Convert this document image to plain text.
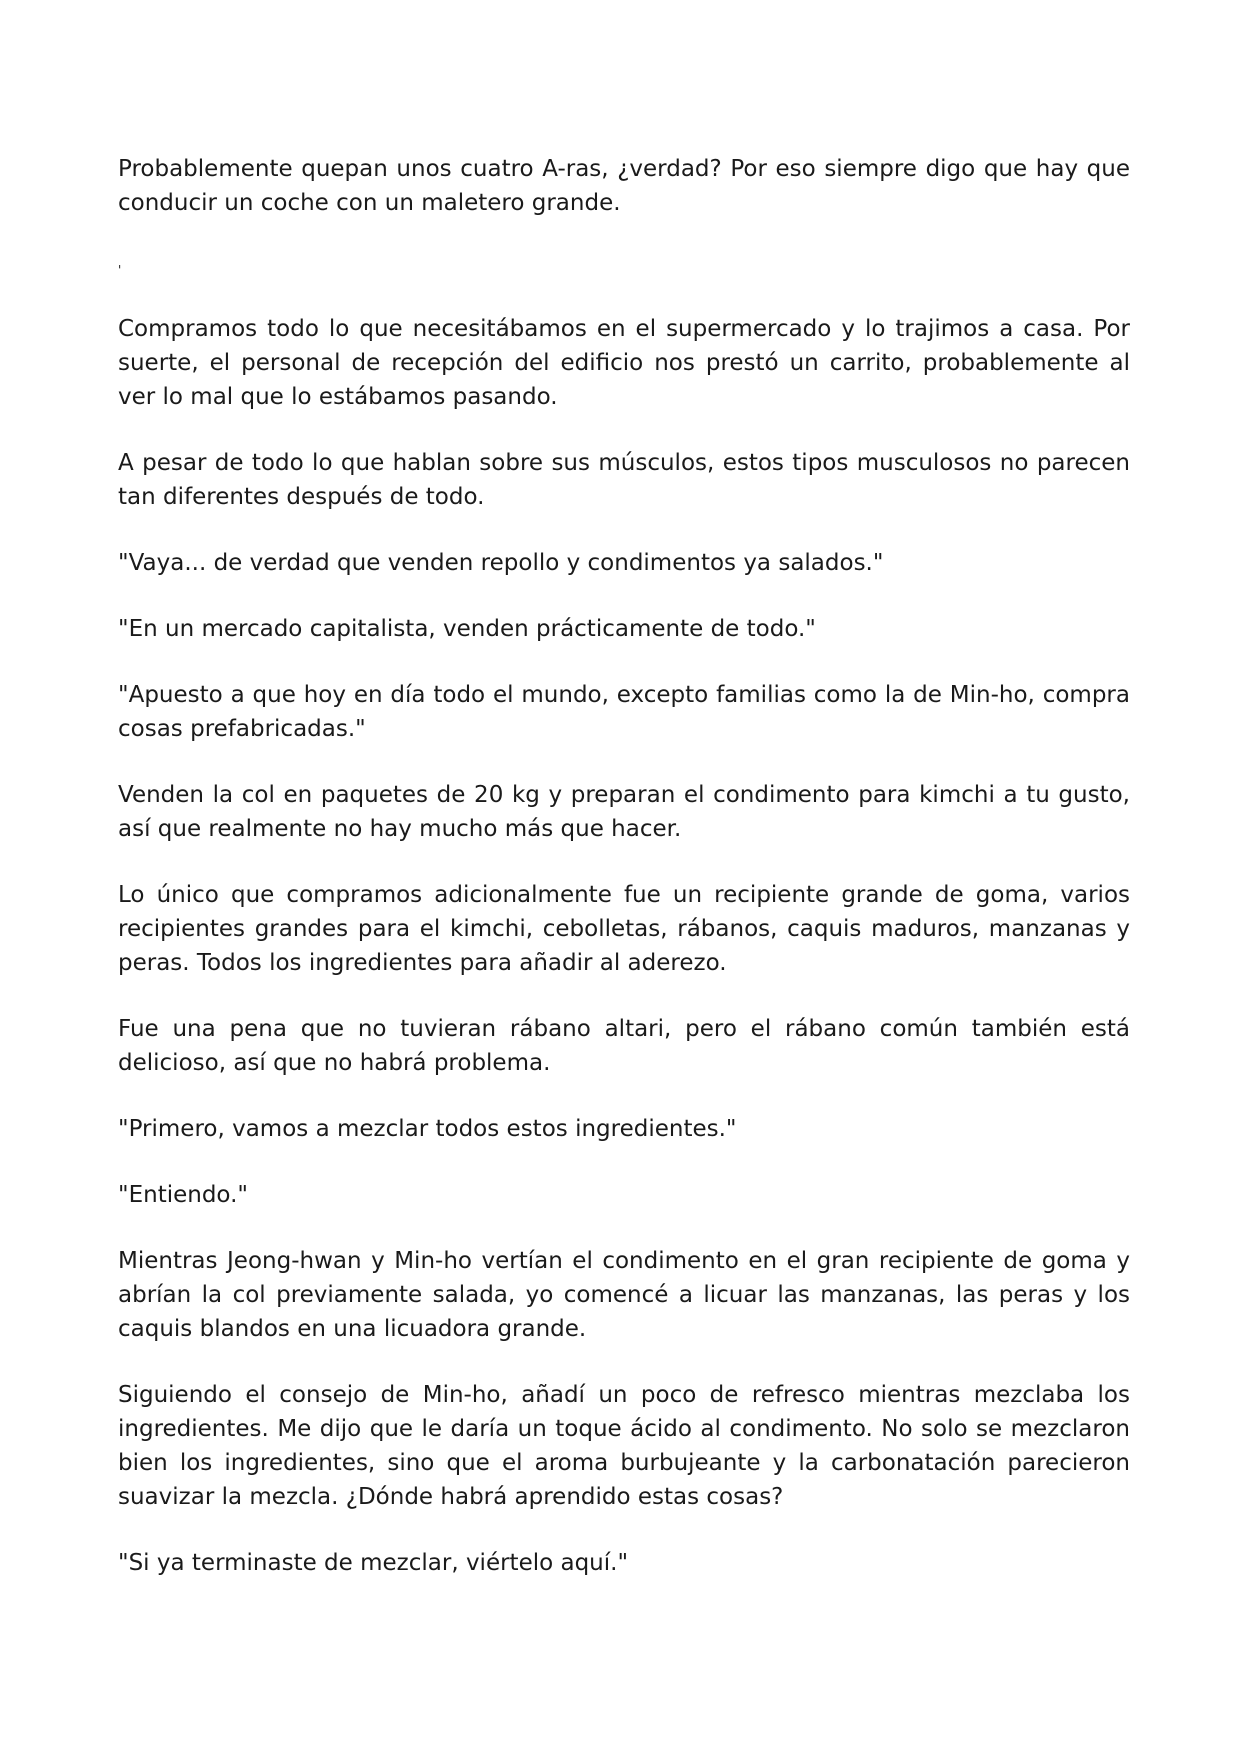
Probablemente quepan unos cuatro A-ras, ¿verdad? Por eso siempre digo que hay que conducir un coche con un maletero grande.

'

Compramos todo lo que necesitábamos en el supermercado y lo trajimos a casa. Por suerte, el personal de recepción del edificio nos prestó un carrito, probablemente al ver lo mal que lo estábamos pasando.

A pesar de todo lo que hablan sobre sus músculos, estos tipos musculosos no parecen tan diferentes después de todo.

"Vaya... de verdad que venden repollo y condimentos ya salados."

"En un mercado capitalista, venden prácticamente de todo."

"Apuesto a que hoy en día todo el mundo, excepto familias como la de Min-ho, compra cosas prefabricadas."

Venden la col en paquetes de 20 kg y preparan el condimento para kimchi a tu gusto, así que realmente no hay mucho más que hacer.

Lo único que compramos adicionalmente fue un recipiente grande de goma, varios recipientes grandes para el kimchi, cebolletas, rábanos, caquis maduros, manzanas y peras. Todos los ingredientes para añadir al aderezo.

Fue una pena que no tuvieran rábano altari, pero el rábano común también está delicioso, así que no habrá problema.

"Primero, vamos a mezclar todos estos ingredientes."

"Entiendo."

Mientras Jeong-hwan y Min-ho vertían el condimento en el gran recipiente de goma y abrían la col previamente salada, yo comencé a licuar las manzanas, las peras y los caquis blandos en una licuadora grande.

Siguiendo el consejo de Min-ho, añadí un poco de refresco mientras mezclaba los ingredientes. Me dijo que le daría un toque ácido al condimento. No solo se mezclaron bien los ingredientes, sino que el aroma burbujeante y la carbonatación parecieron suavizar la mezcla. ¿Dónde habrá aprendido estas cosas?

"Si ya terminaste de mezclar, viértelo aquí."
